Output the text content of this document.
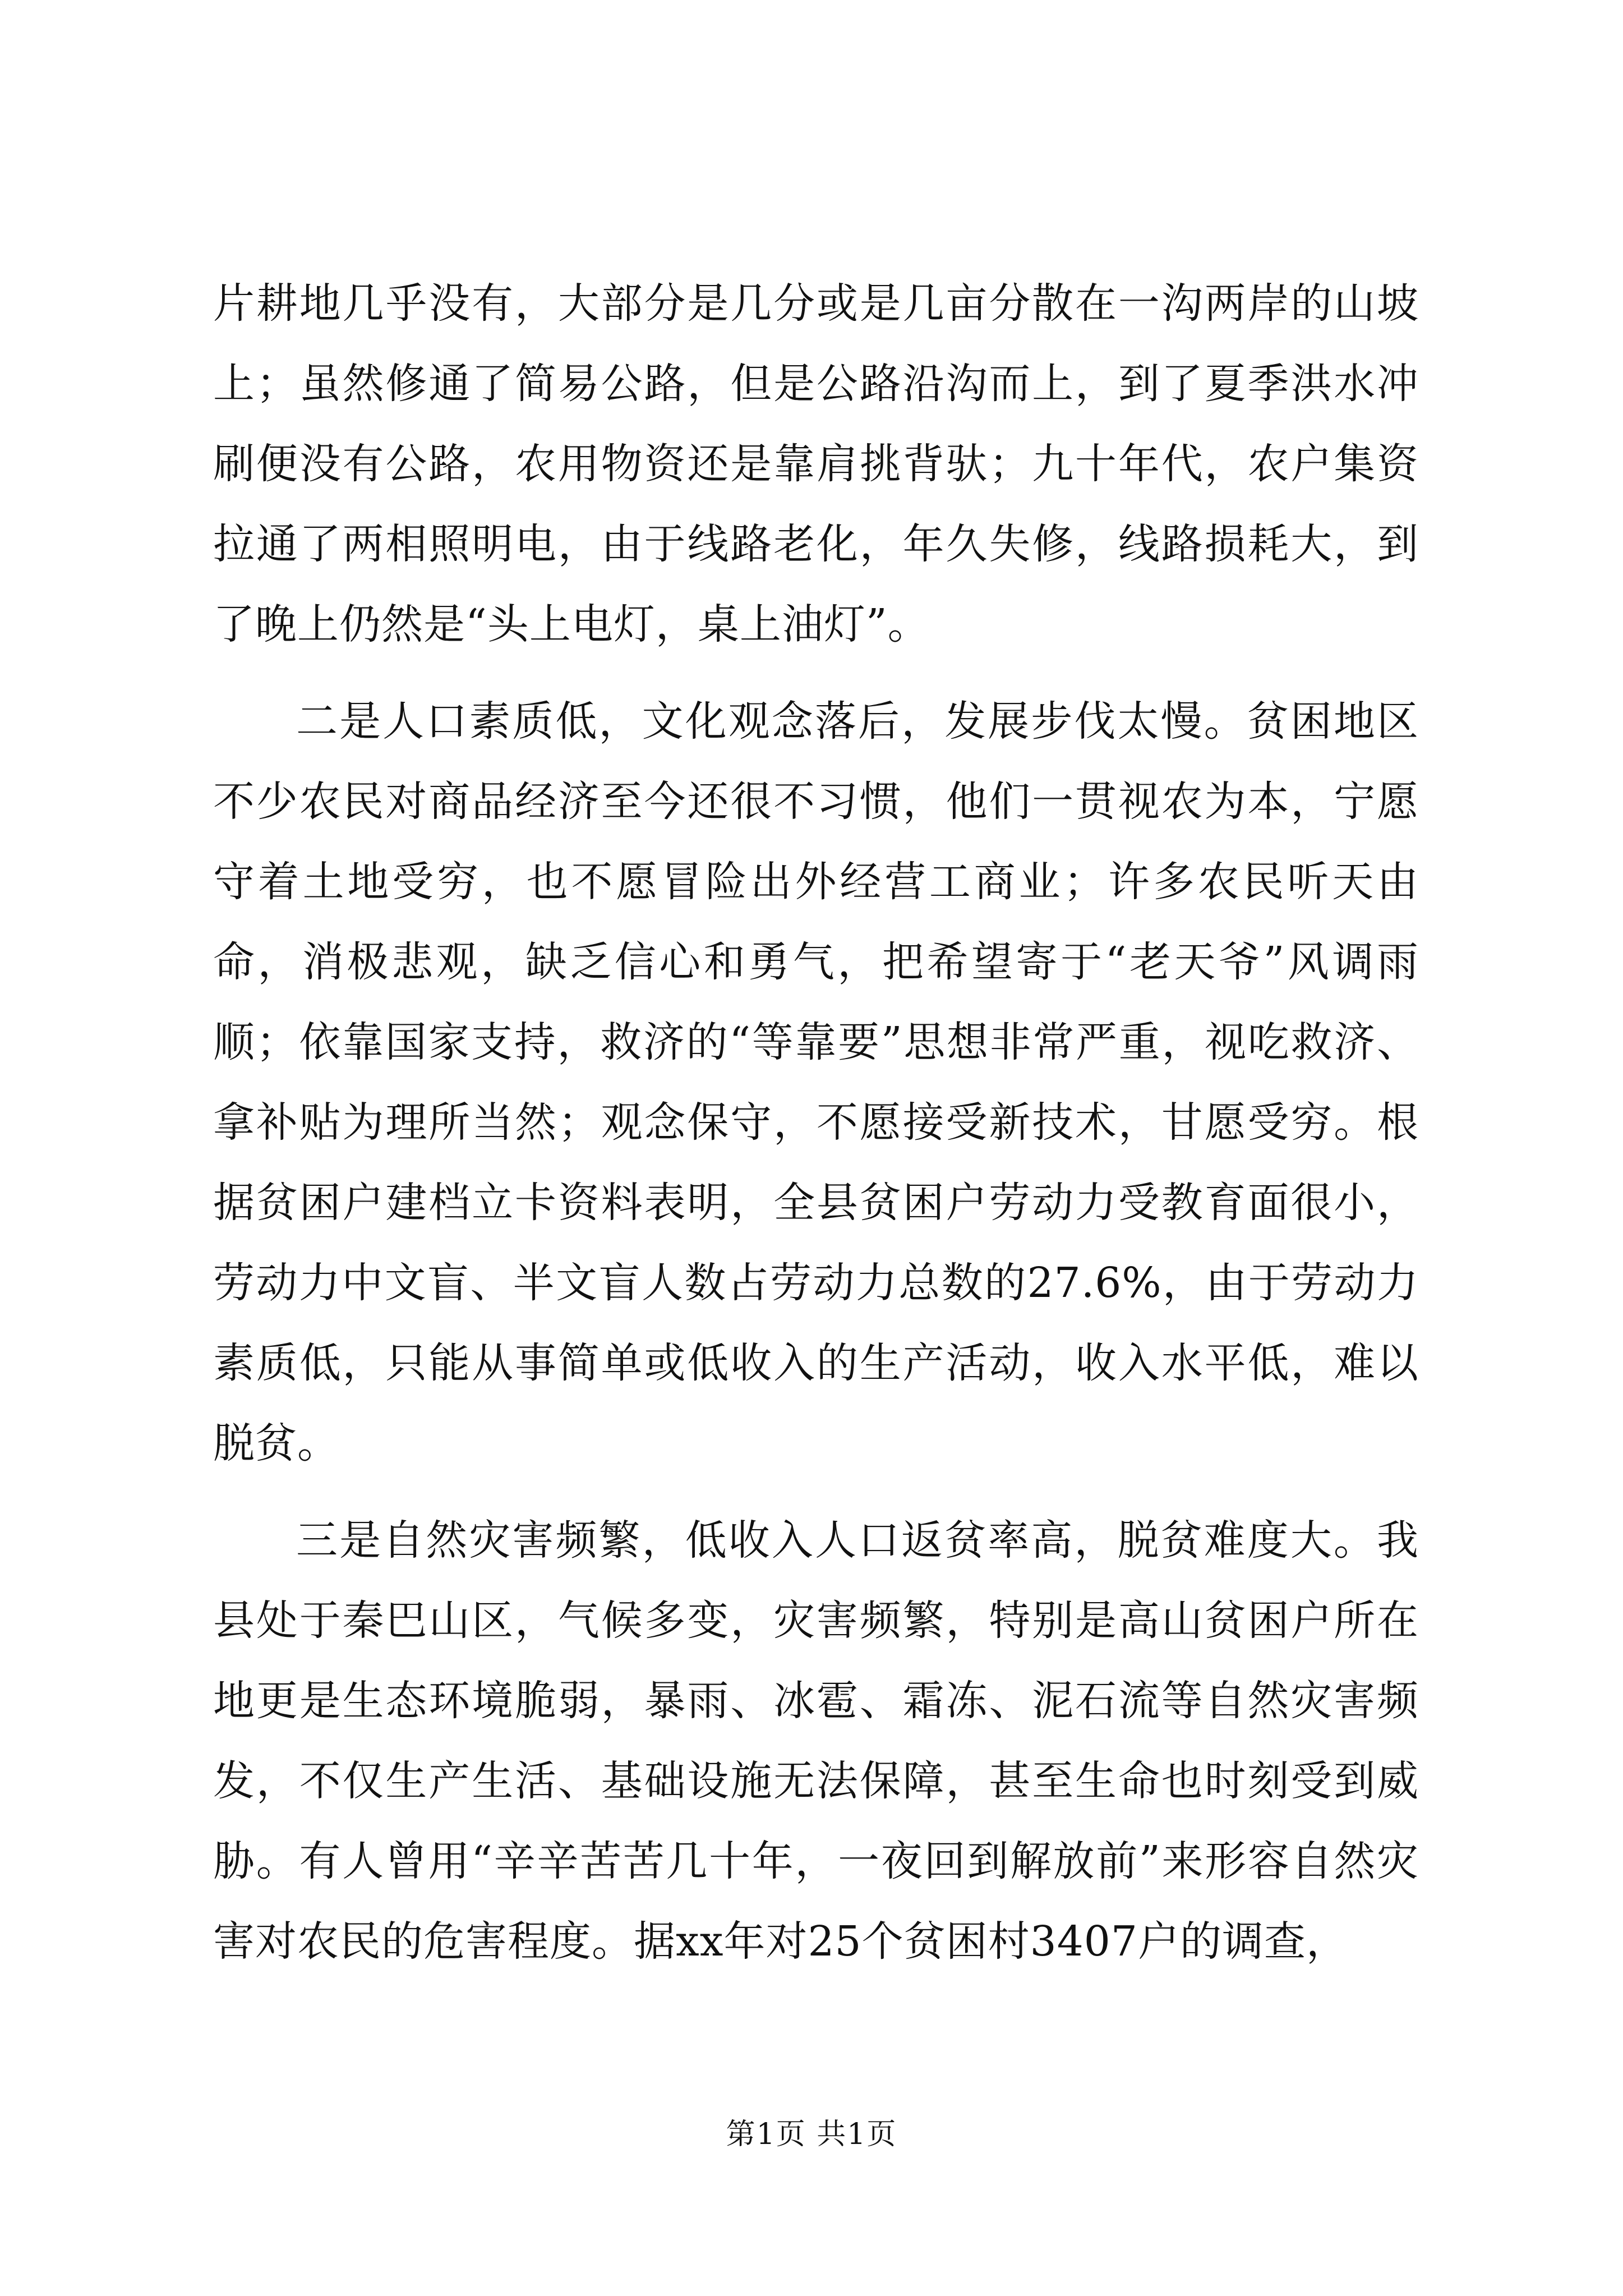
片耕地几乎没有，大部分是几分或是几亩分散在一沟两岸的山坡上；虽然修通了简易公路，但是公路沿沟而上，到了夏季洪水冲刷便没有公路，农用物资还是靠肩挑背驮；九十年代，农户集资拉通了两相照明电，由于线路老化，年久失修，线路损耗大，到了晚上仍然是“头上电灯，桌上油灯”。

二是人口素质低，文化观念落后，发展步伐太慢。贫困地区不少农民对商品经济至今还很不习惯，他们一贯视农为本，宁愿守着土地受穷，也不愿冒险出外经营工商业；许多农民听天由命，消极悲观，缺乏信心和勇气，把希望寄于“老天爷”风调雨顺；依靠国家支持，救济的“等靠要”思想非常严重，视吃救济、拿补贴为理所当然；观念保守，不愿接受新技术，甘愿受穷。根据贫困户建档立卡资料表明，全县贫困户劳动力受教育面很小，劳动力中文盲、半文盲人数占劳动力总数的27.6%，由于劳动力素质低，只能从事简单或低收入的生产活动，收入水平低，难以脱贫。

三是自然灾害频繁，低收入人口返贫率高，脱贫难度大。我县处于秦巴山区，气候多变，灾害频繁，特别是高山贫困户所在地更是生态环境脆弱，暴雨、冰雹、霜冻、泥石流等自然灾害频发，不仅生产生活、基础设施无法保障，甚至生命也时刻受到威胁。有人曾用“辛辛苦苦几十年，一夜回到解放前”来形容自然灾害对农民的危害程度。据xx年对25个贫困村3407户的调查，

第1页 共1页
